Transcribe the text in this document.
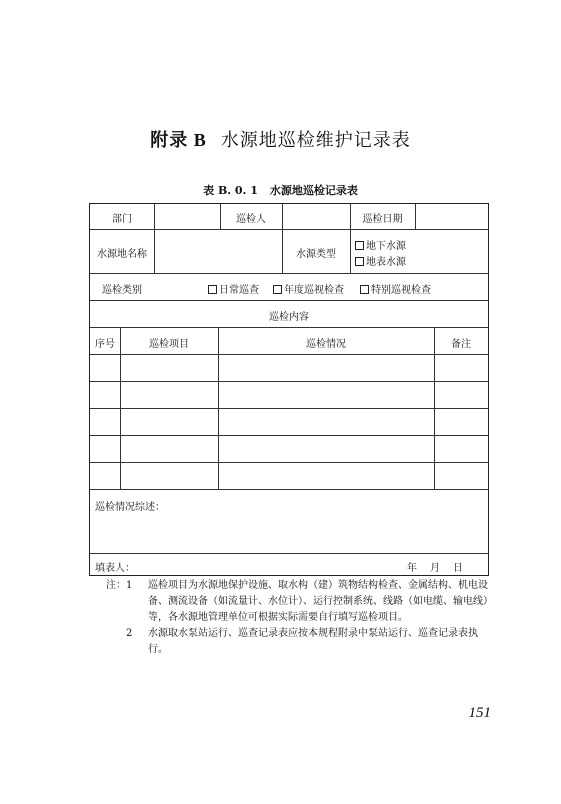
附录 B 水源地巡检维护记录表
表 B. 0. 1 水源地巡检记录表
部门	巡检人	巡检日期
水源地名称	水源类型
地下水源
地表水源
巡检类别	日常巡查	年度巡视检查	特别巡视检查
巡检内容
序号	巡检项目	巡检情况	备注
巡检情况综述：
填表人：	年 月 日
注： 1	巡检项目为水源地保护设施、取水构（建）筑物结构检查、金属结构、机电设备、测流设备（如流量计、水位计）、运行控制系统、线路（如电缆、输电线）等，各水源地管理单位可根据实际需要自行填写巡检项目。
2	水源取水泵站运行、巡查记录表应按本规程附录中泵站运行、巡查记录表执行。
151
